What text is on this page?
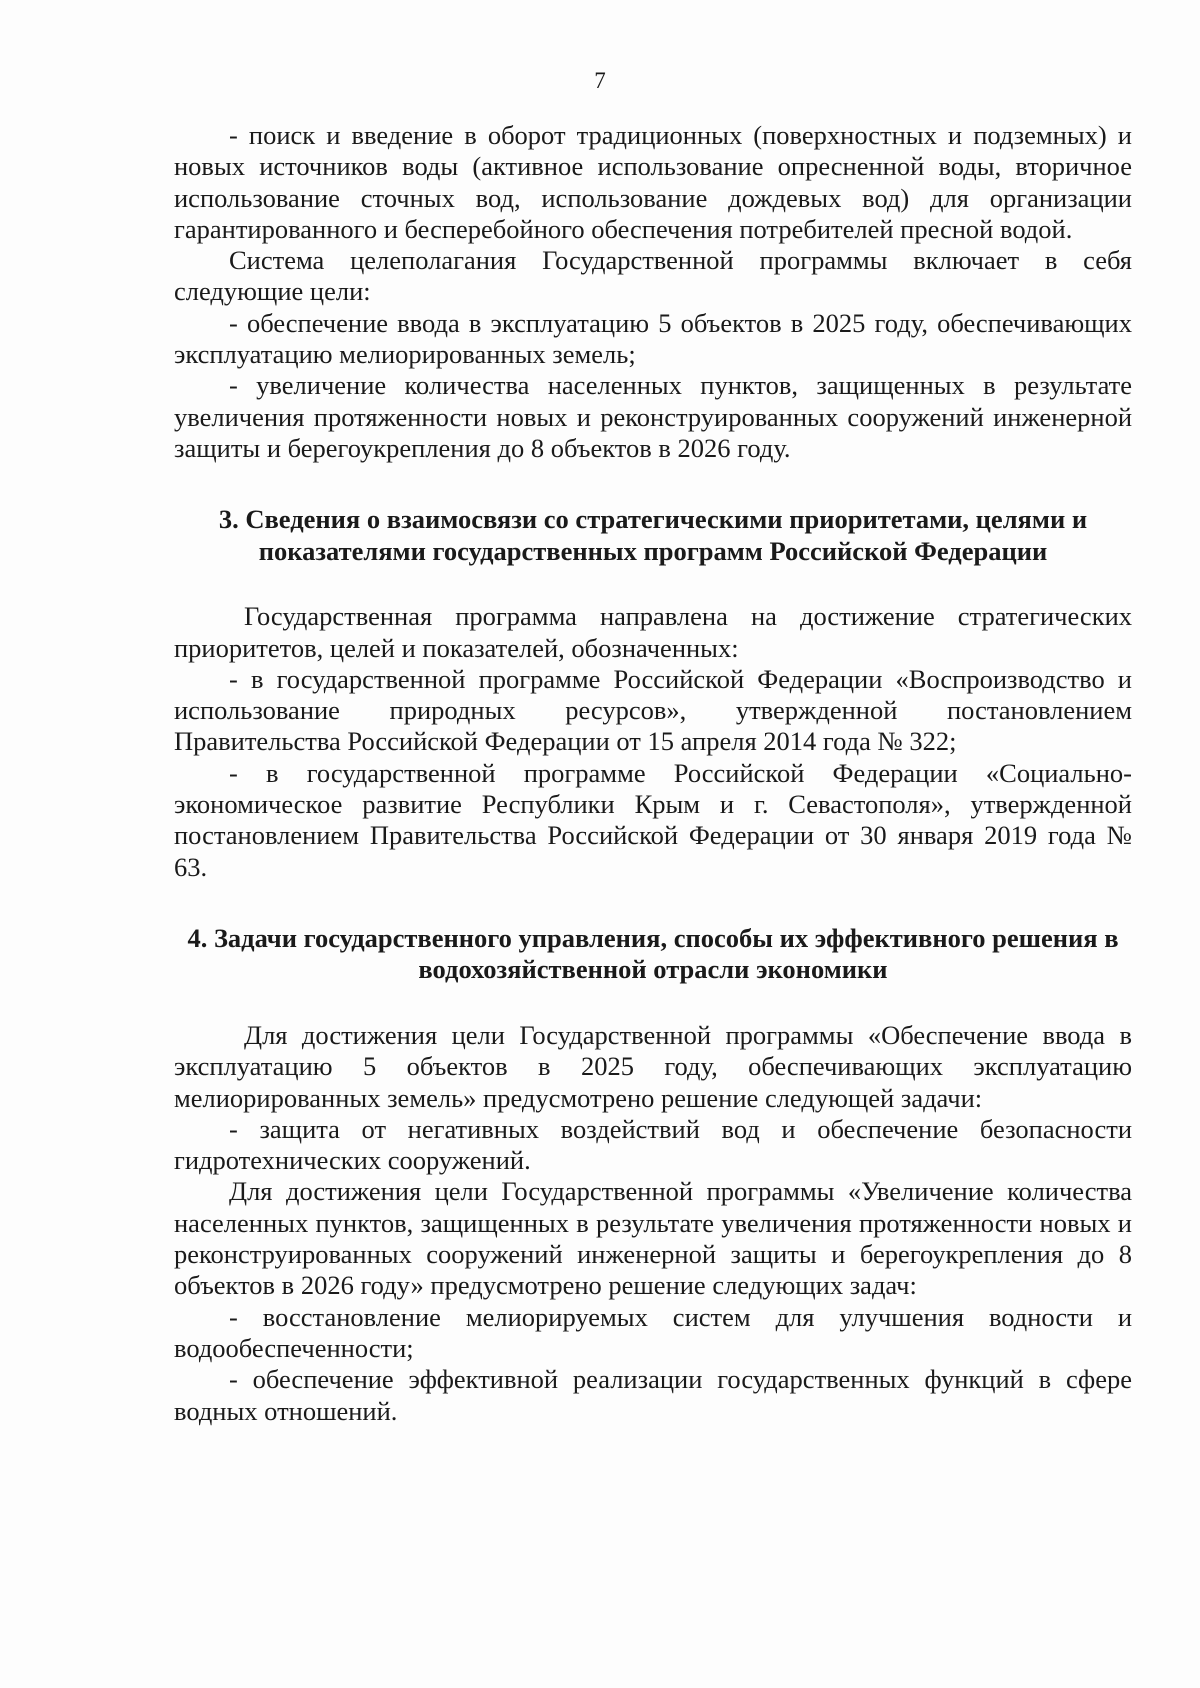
7

- поиск и введение в оборот традиционных (поверхностных и подземных) и новых источников воды (активное использование опресненной воды, вторичное использование сточных вод, использование дождевых вод) для организации гарантированного и бесперебойного обеспечения потребителей пресной водой.

Система целеполагания Государственной программы включает в себя следующие цели:

- обеспечение ввода в эксплуатацию 5 объектов в 2025 году, обеспечивающих эксплуатацию мелиорированных земель;

- увеличение количества населенных пунктов, защищенных в результате увеличения протяженности новых и реконструированных сооружений инженерной защиты и берегоукрепления до 8 объектов в 2026 году.

3. Сведения о взаимосвязи со стратегическими приоритетами, целями и показателями государственных программ Российской Федерации

Государственная программа направлена на достижение стратегических приоритетов, целей и показателей, обозначенных:

- в государственной программе Российской Федерации «Воспроизводство и использование природных ресурсов», утвержденной постановлением Правительства Российской Федерации от 15 апреля 2014 года № 322;

- в государственной программе Российской Федерации «Социально-экономическое развитие Республики Крым и г. Севастополя», утвержденной постановлением Правительства Российской Федерации от 30 января 2019 года № 63.

4. Задачи государственного управления, способы их эффективного решения в водохозяйственной отрасли экономики

Для достижения цели Государственной программы «Обеспечение ввода в эксплуатацию 5 объектов в 2025 году, обеспечивающих эксплуатацию мелиорированных земель» предусмотрено решение следующей задачи:

- защита от негативных воздействий вод и обеспечение безопасности гидротехнических сооружений.

Для достижения цели Государственной программы «Увеличение количества населенных пунктов, защищенных в результате увеличения протяженности новых и реконструированных сооружений инженерной защиты и берегоукрепления до 8 объектов в 2026 году» предусмотрено решение следующих задач:

- восстановление мелиорируемых систем для улучшения водности и водообеспеченности;

- обеспечение эффективной реализации государственных функций в сфере водных отношений.
